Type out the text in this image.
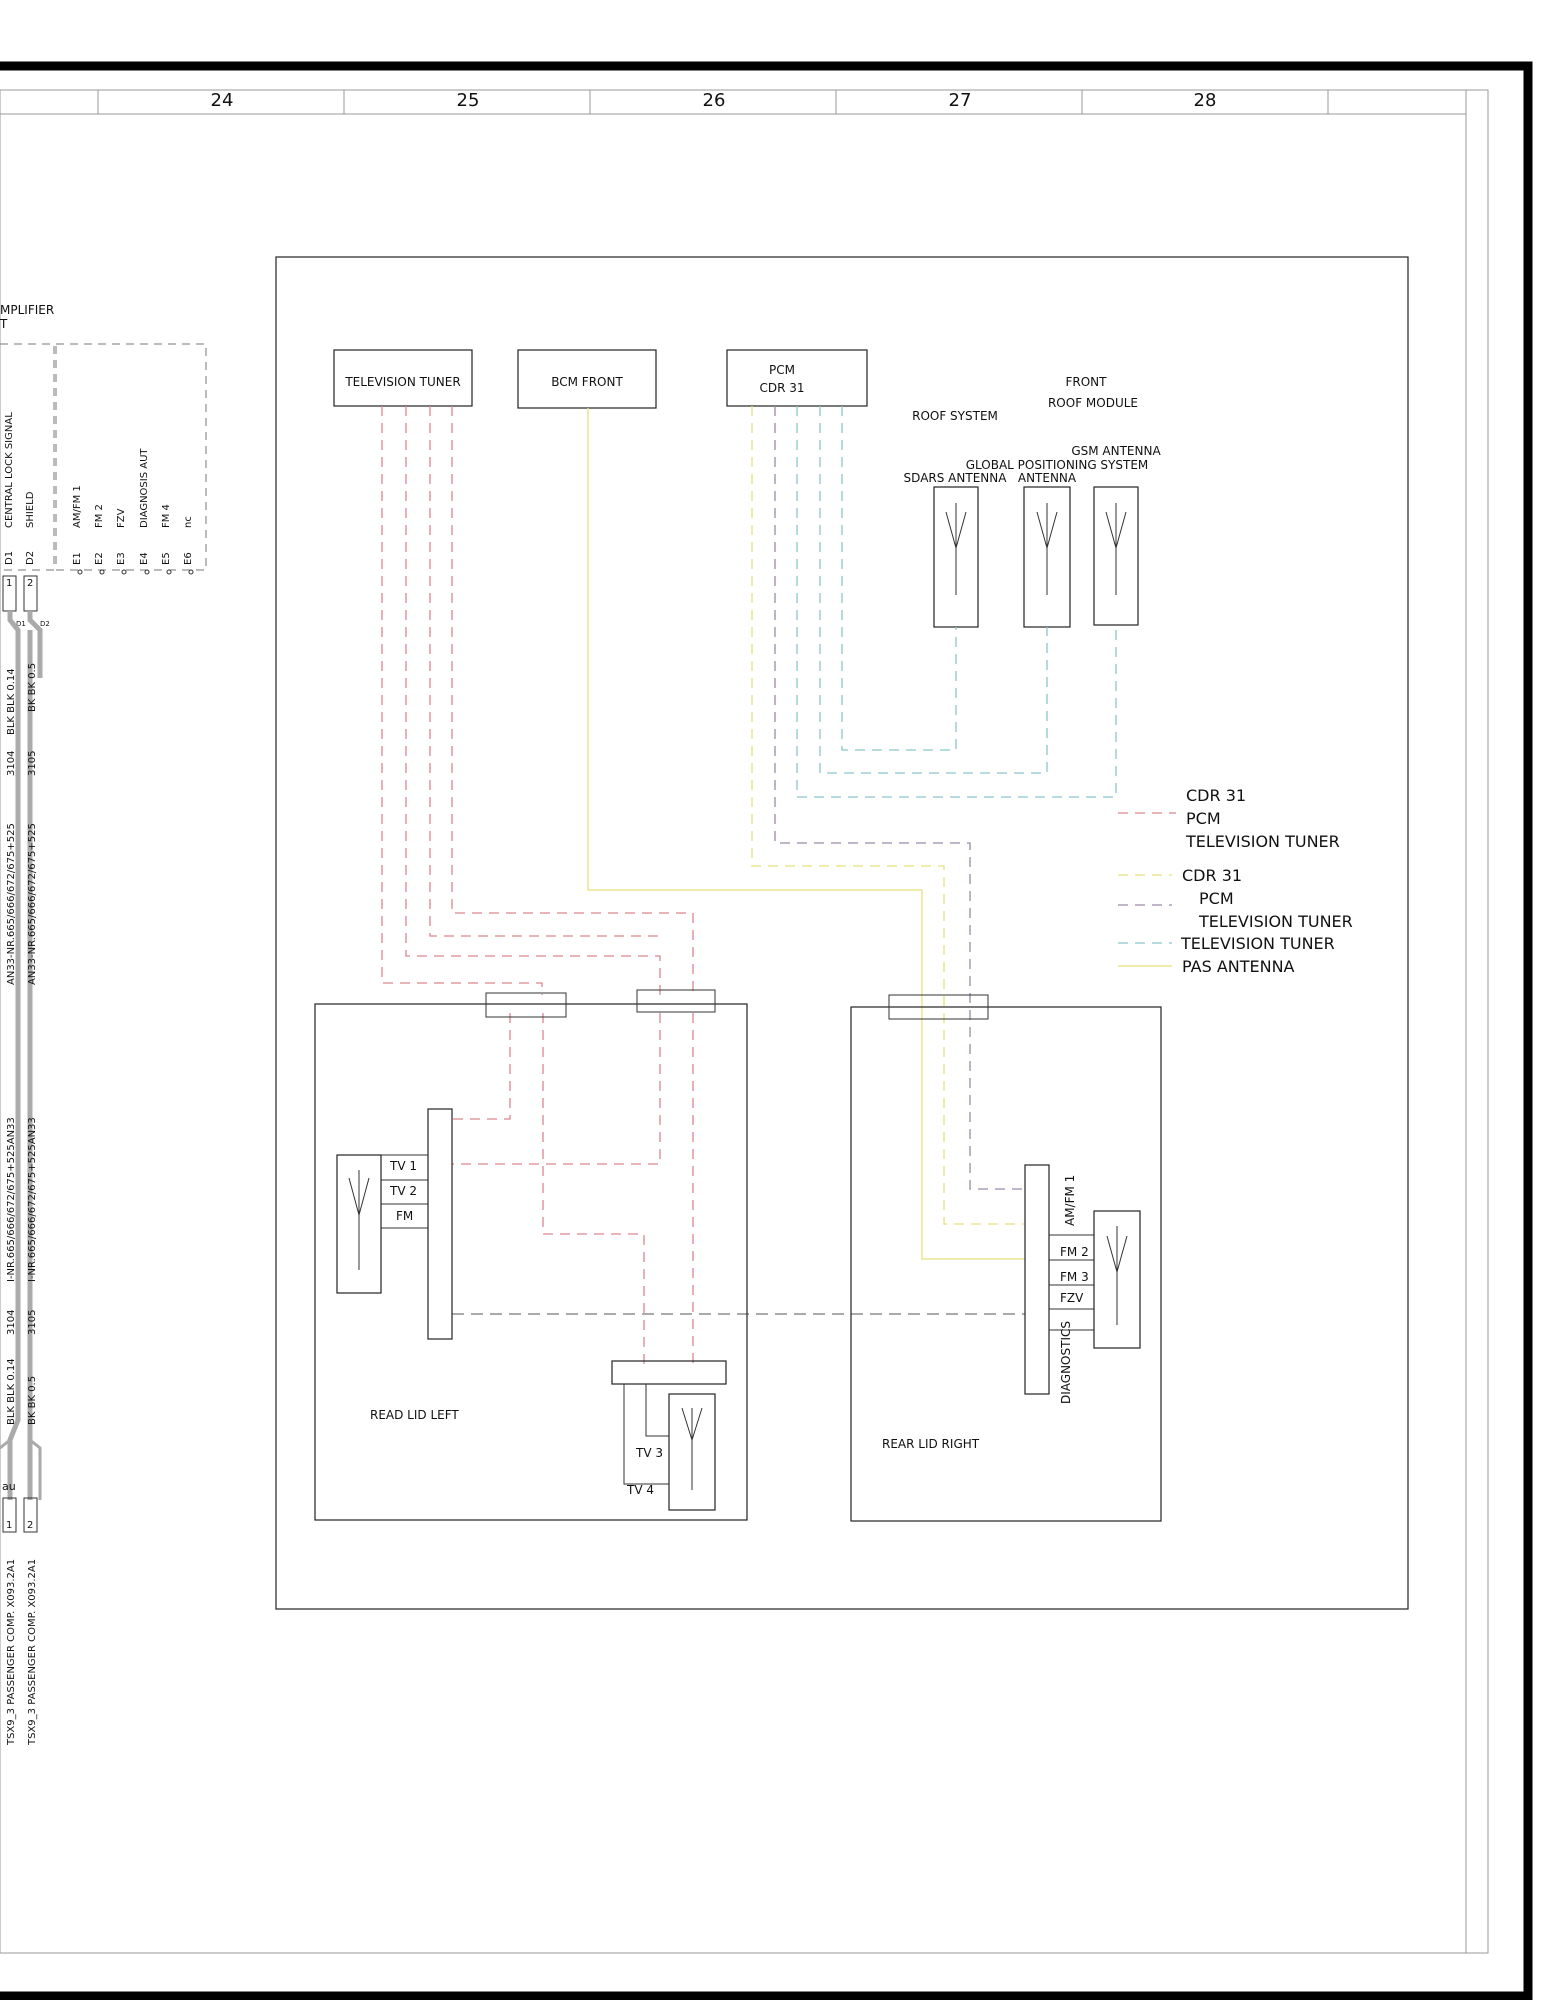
24	25	26	27	28
MPLIFIER
T
D1
CENTRAL LOCK SIGNAL
D2
SHIELD
E1
AM/FM 1
E2
FM 2
E3
FZV
E4
DIAGNOSIS AUT
E5
FM 4
E6
nc
1 2
D1 D2
BLK BLK 0.14 BK BK 0.5
3104 3105
AN33-NR.665/666/672/675+525 AN33-NR.665/666/672/675+525
I-NR.665/666/672/675+525AN33 I-NR.665/666/672/675+525AN33
3104 3105
BLK BLK 0.14 BK BK 0.5
au
1 2
TSX9_3 PASSENGER COMP. X093.2A1 TSX9_3 PASSENGER COMP. X093.2A1
TELEVISION TUNER	BCM FRONT
PCM
CDR 31	FRONT
ROOF MODULE
ROOF SYSTEM
GSM ANTENNA
GLOBAL POSITIONING SYSTEM
SDARS ANTENNA ANTENNA
TV 1
TV 2
FM
TV 3
TV 4
READ LID LEFT
AM/FM 1
FM 2
FM 3
FZV
DIAGNOSTICS
REAR LID RIGHT
CDR 31
PCM
TELEVISION TUNER
CDR 31
PCM
TELEVISION TUNER
TELEVISION TUNER
PAS ANTENNA
